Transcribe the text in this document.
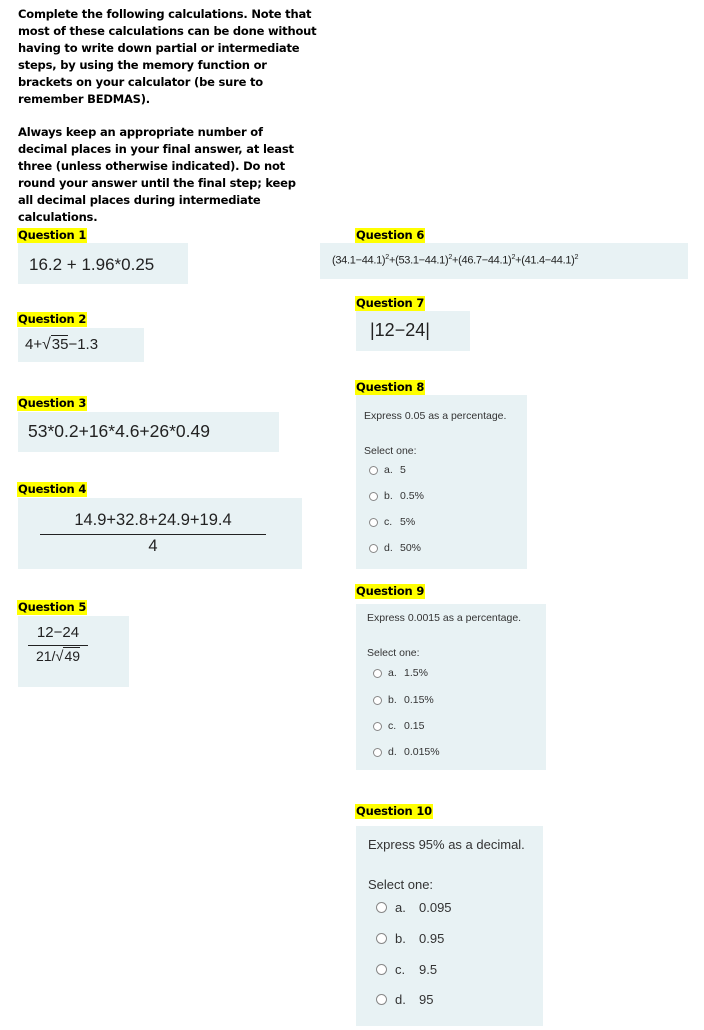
Complete the following calculations. Note that most of these calculations can be done without having to write down partial or intermediate steps, by using the memory function or brackets on your calculator (be sure to remember BEDMAS).
Always keep an appropriate number of decimal places in your final answer, at least three (unless otherwise indicated). Do not round your answer until the final step; keep all decimal places during intermediate calculations.
Question 1
16.2 + 1.96*0.25
Question 2
4+√35−1.3
Question 3
53*0.2+16*4.6+26*0.49
Question 4
14.9+32.8+24.9+19.4
4
Question 5
12−24
21/√49
Question 6
$(34.1-44.1)^2+(53.1-44.1)^2+(46.7-44.1)^2+(41.4-44.1)^2$
Question 7
|12−24|
Question 8
Express 0.05 as a percentage.
Select one:
a. 5
b. 0.5%
c. 5%
d. 50%
Question 9
Express 0.0015 as a percentage.
Select one:
a. 1.5%
b. 0.15%
c. 0.15
d. 0.015%
Question 10
Express 95% as a decimal.
Select one:
a.	0.095
b.	0.95
c.	9.5
d.	95
